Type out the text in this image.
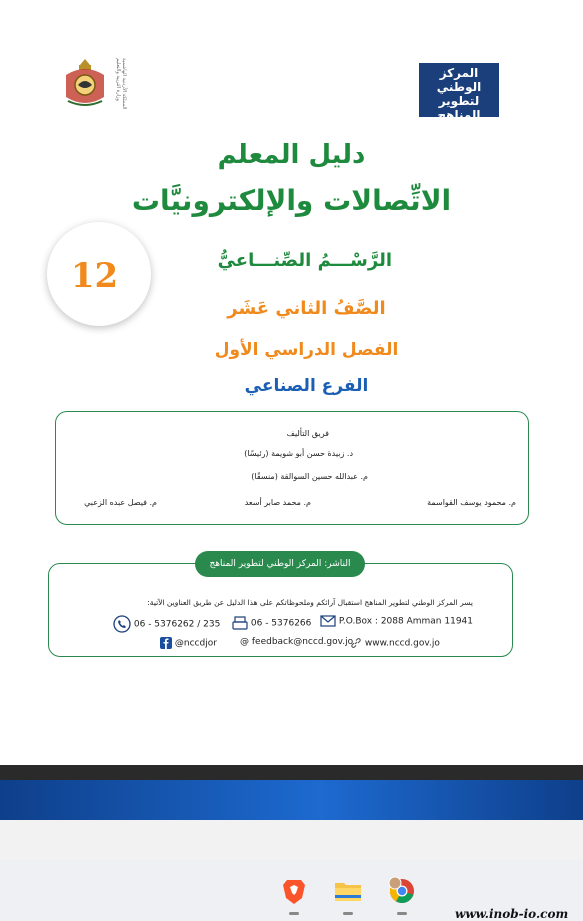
المركز الوطني لتطوير المناهج
National Center
for Curriculum Development
المملكة الأردنية الهاشمية وزارة التربية والتعليم
دليل المعلم
الاتِّصالات والإلكترونيَّات
12	الرَّسْـــمُ الصِّنـــاعيُّ
الصَّفُ الثاني عَشَر
الفصل الدراسي الأول
الفرع الصناعي
فريق التأليف
د. زبيدة حسن أبو شويمة (رئيسًا)
م. عبدالله حسين السوالقة (منسقًا)
م. محمود يوسف القواسمة
م. محمد صابر أسعد
م. فيصل عبده الزعبي
الناشر: المركز الوطني لتطوير المناهج
يسر المركز الوطني لتطوير المناهج استقبال آرائكم وملحوظاتكم على هذا الدليل عن طريق العناوين الآتية:
06 - 5376262 / 235	06 - 5376266	P.O.Box : 2088 Amman 11941
@nccdjor	@ feedback@nccd.gov.jo	www.nccd.gov.jo
www.inob-io.com
